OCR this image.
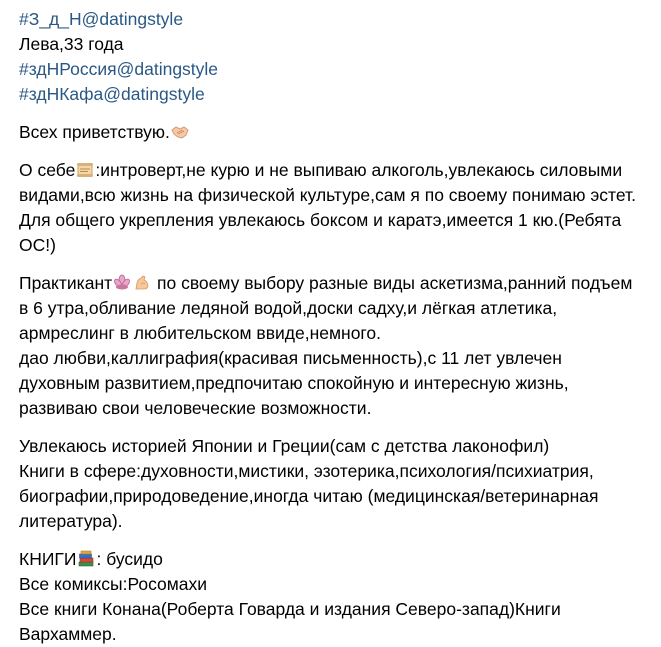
#З_д_Н@datingstyle
Лева,33 года
#здНРоссия@datingstyle
#здНКафа@datingstyle
Всех приветствую.
О себе :интроверт,не курю и не выпиваю алкоголь,увлекаюсь силовыми
видами,всю жизнь на физической культуре,сам я по своему понимаю эстет.
Для общего укрепления увлекаюсь боксом и каратэ,имеется 1 кю.(Ребята
ОС!)
Практикант
по своему выбору разные виды аскетизма,ранний подъем
в 6 утра,обливание ледяной водой,доски садху,и лёгкая атлетика,
армреслинг в любительском ввиде,немного.
дао любви,каллиграфия(красивая письменность),с 11 лет увлечен
духовным развитием,предпочитаю спокойную и интересную жизнь,
развиваю свои человеческие возможности.
Увлекаюсь историей Японии и Греции(сам с детства лаконофил)
Книги в сфере:духовности,мистики, эзотерика,психология/психиатрия,
биографии,природоведение,иногда читаю (медицинская/ветеринарная
литература).
КНИГИ : бусидо
Все комиксы:Росомахи
Все книги Конана(Роберта Говарда и издания Северо-запад)Книги
Вархаммер.
